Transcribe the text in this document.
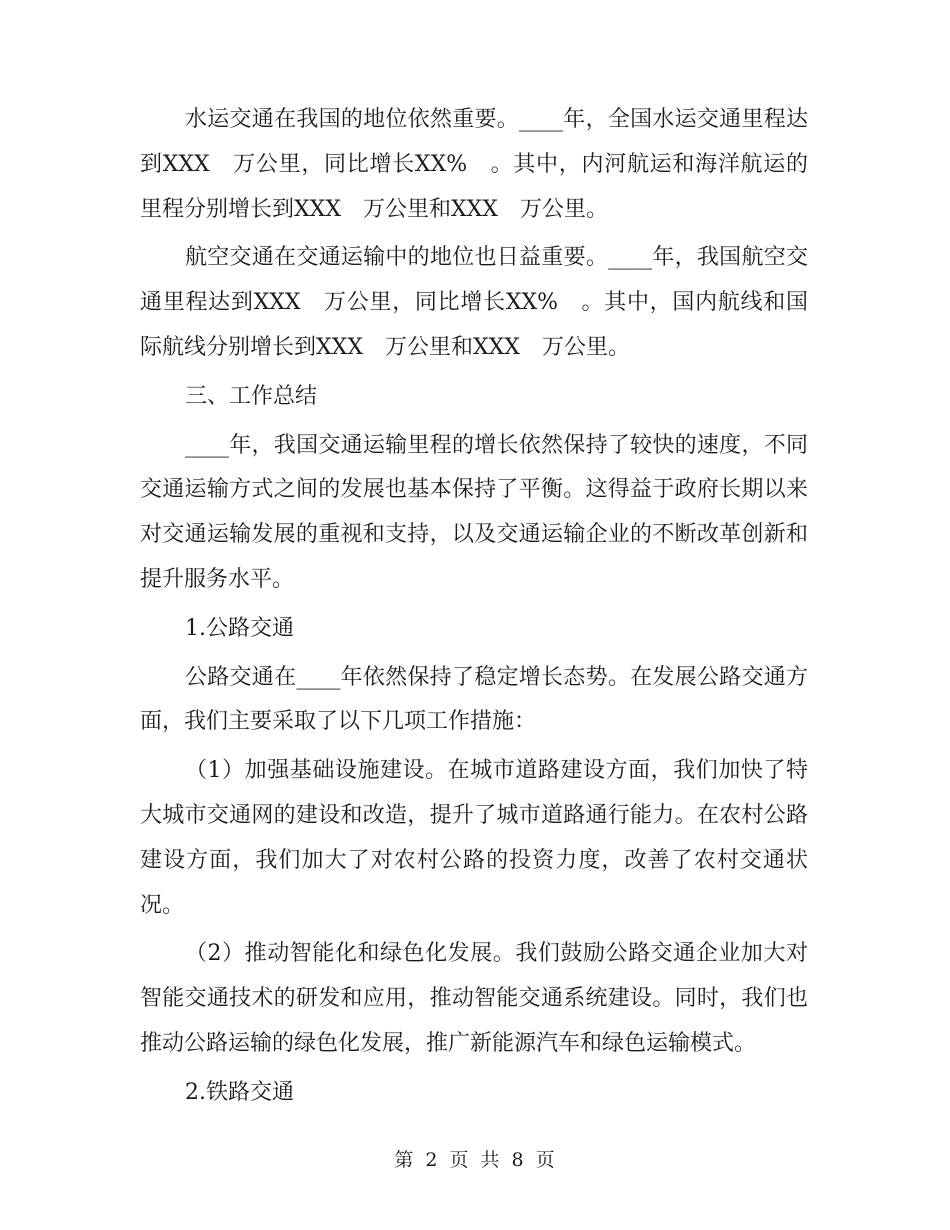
水运交通在我国的地位依然重要。____年，全国水运交通里程达到XXX　万公里，同比增长XX%　。其中，内河航运和海洋航运的里程分别增长到XXX　万公里和XXX　万公里。

航空交通在交通运输中的地位也日益重要。____年，我国航空交通里程达到XXX　万公里，同比增长XX%　。其中，国内航线和国际航线分别增长到XXX　万公里和XXX　万公里。

三、工作总结

____年，我国交通运输里程的增长依然保持了较快的速度，不同交通运输方式之间的发展也基本保持了平衡。这得益于政府长期以来对交通运输发展的重视和支持，以及交通运输企业的不断改革创新和提升服务水平。

1.公路交通

公路交通在____年依然保持了稳定增长态势。在发展公路交通方面，我们主要采取了以下几项工作措施：

（1）加强基础设施建设。在城市道路建设方面，我们加快了特大城市交通网的建设和改造，提升了城市道路通行能力。在农村公路建设方面，我们加大了对农村公路的投资力度，改善了农村交通状况。

（2）推动智能化和绿色化发展。我们鼓励公路交通企业加大对智能交通技术的研发和应用，推动智能交通系统建设。同时，我们也推动公路运输的绿色化发展，推广新能源汽车和绿色运输模式。

2.铁路交通

第 2 页 共 8 页
